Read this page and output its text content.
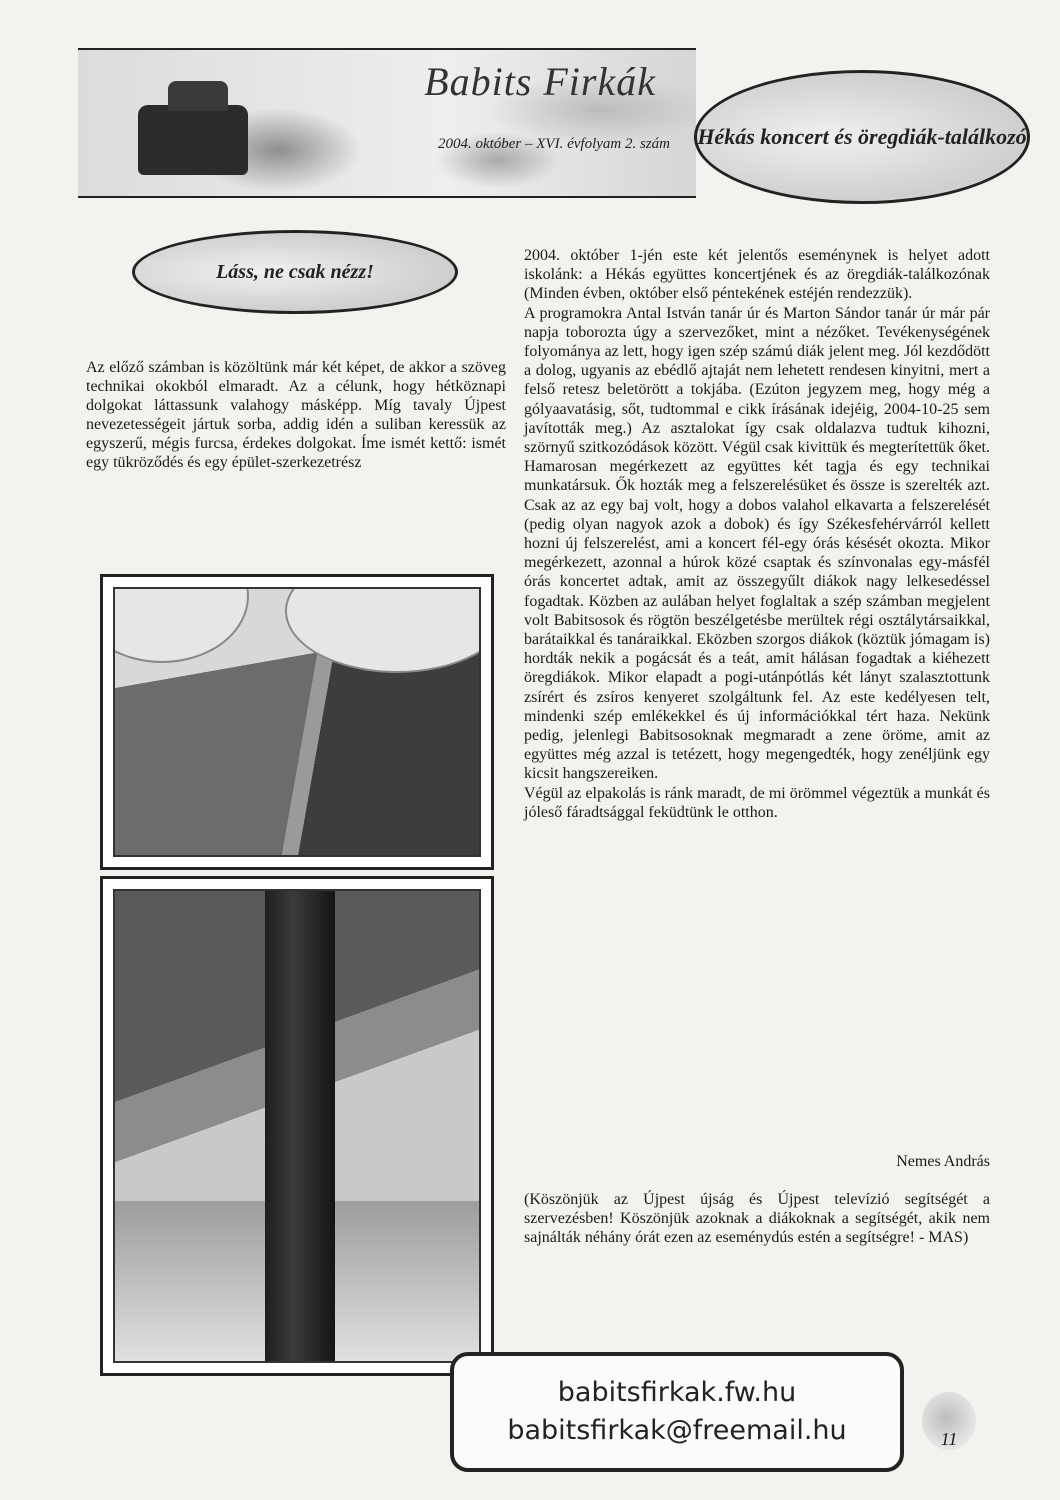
Babits Firkák
2004. október – XVI. évfolyam 2. szám Hékás koncert és öregdiák-találkozó
Láss, ne csak nézz!

Az előző számban is közöltünk már két képet, de akkor a szöveg technikai okokból elmaradt. Az a célunk, hogy hétköznapi dolgokat láttassunk valahogy másképp. Míg tavaly Újpest nevezetességeit jártuk sorba, addig idén a suliban keressük az egyszerű, mégis furcsa, érdekes dolgokat. Íme ismét kettő: ismét egy tükröződés és egy épület-szerkezetrész

2004. október 1-jén este két jelentős eseménynek is helyet adott iskolánk: a Hékás együttes koncertjének és az öregdiák-találkozónak (Minden évben, október első péntekének estéjén rendezzük).

A programokra Antal István tanár úr és Marton Sándor tanár úr már pár napja toborozta úgy a szervezőket, mint a nézőket. Tevékenységének folyománya az lett, hogy igen szép számú diák jelent meg. Jól kezdődött a dolog, ugyanis az ebédlő ajtaját nem lehetett rendesen kinyitni, mert a felső retesz beletörött a tokjába. (Ezúton jegyzem meg, hogy még a gólyaavatásig, sőt, tudtommal e cikk írásának idejéig, 2004-10-25 sem javították meg.) Az asztalokat így csak oldalazva tudtuk kihozni, szörnyű szitkozódások között. Végül csak kivittük és megterítettük őket. Hamarosan megérkezett az együttes két tagja és egy technikai munkatársuk. Ők hozták meg a felszerelésüket és össze is szerelték azt. Csak az az egy baj volt, hogy a dobos valahol elkavarta a felszerelését (pedig olyan nagyok azok a dobok) és így Székesfehérvárról kellett hozni új felszerelést, ami a koncert fél-egy órás késését okozta. Mikor megérkezett, azonnal a húrok közé csaptak és színvonalas egy-másfél órás koncertet adtak, amit az összegyűlt diákok nagy lelkesedéssel fogadtak. Közben az aulában helyet foglaltak a szép számban megjelent volt Babitsosok és rögtön beszélgetésbe merültek régi osztálytársaikkal, barátaikkal és tanáraikkal. Eközben szorgos diákok (köztük jómagam is) hordták nekik a pogácsát és a teát, amit hálásan fogadtak a kiéhezett öregdiákok. Mikor elapadt a pogi-utánpótlás két lányt szalasztottunk zsírért és zsíros kenyeret szolgáltunk fel. Az este kedélyesen telt, mindenki szép emlékekkel és új információkkal tért haza. Nekünk pedig, jelenlegi Babitsosoknak megmaradt a zene öröme, amit az együttes még azzal is tetézett, hogy megengedték, hogy zenéljünk egy kicsit hangszereiken.

Végül az elpakolás is ránk maradt, de mi örömmel végeztük a munkát és jóleső fáradtsággal feküdtünk le otthon.

Nemes András
(Köszönjük az Újpest újság és Újpest televízió segítségét a szervezésben! Köszönjük azoknak a diákoknak a segítségét, akik nem sajnálták néhány órát ezen az eseménydús estén a segítségre! - MAS)
babitsfirkak.fw.hu
babitsfirkak@freemail.hu	11
